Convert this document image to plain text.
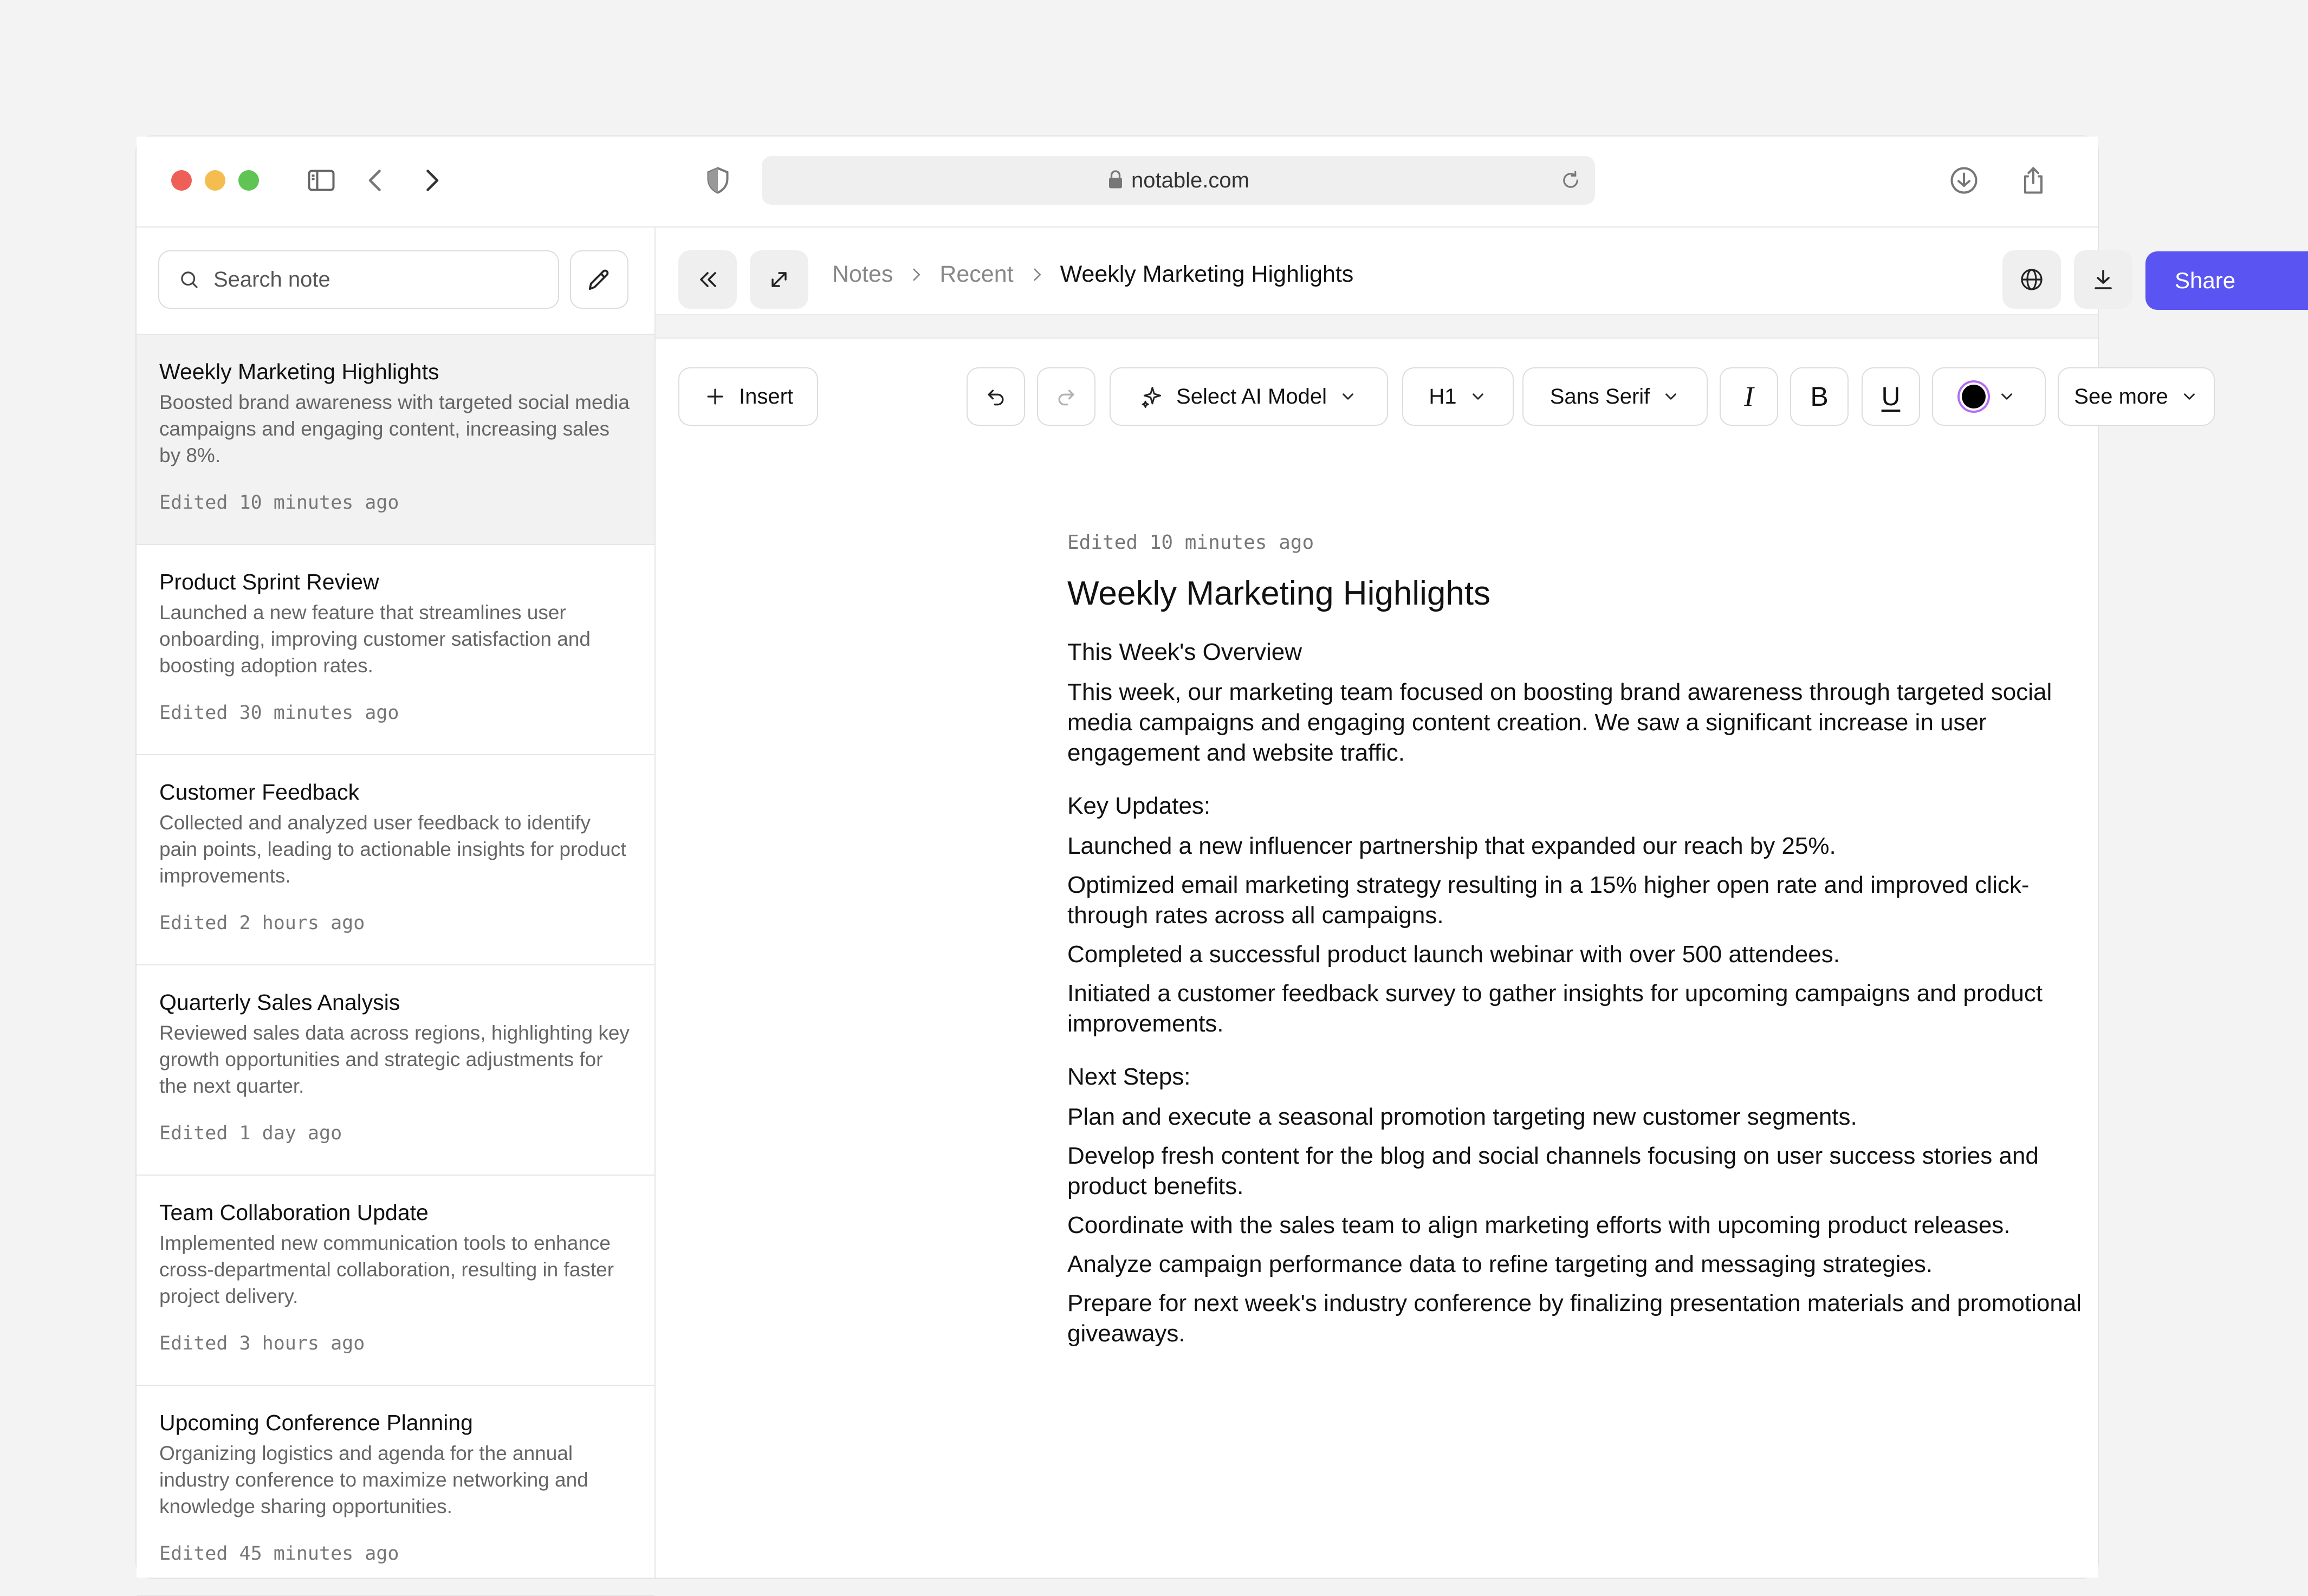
notable.com
Search note
Weekly Marketing Highlights
Boosted brand awareness with targeted social media campaigns and engaging content, increasing sales by 8%.
Edited 10 minutes ago
Product Sprint Review
Launched a new feature that streamlines user onboarding, improving customer satisfaction and boosting adoption rates.
Edited 30 minutes ago
Customer Feedback
Collected and analyzed user feedback to identify pain points, leading to actionable insights for product improvements.
Edited 2 hours ago
Quarterly Sales Analysis
Reviewed sales data across regions, highlighting key growth opportunities and strategic adjustments for the next quarter.
Edited 1 day ago
Team Collaboration Update
Implemented new communication tools to enhance cross-departmental collaboration, resulting in faster project delivery.
Edited 3 hours ago
Upcoming Conference Planning
Organizing logistics and agenda for the annual industry conference to maximize networking and knowledge sharing opportunities.
Edited 45 minutes ago
Notes Recent Weekly Marketing Highlights	Share
Insert	Select AI Model	H1	Sans Serif	I	B	U	See more
Edited 10 minutes ago
Weekly Marketing Highlights
This Week's Overview
This week, our marketing team focused on boosting brand awareness through targeted social media campaigns and engaging content creation. We saw a significant increase in user engagement and website traffic.
Key Updates:
Launched a new influencer partnership that expanded our reach by 25%.
Optimized email marketing strategy resulting in a 15% higher open rate and improved click-through rates across all campaigns.
Completed a successful product launch webinar with over 500 attendees.
Initiated a customer feedback survey to gather insights for upcoming campaigns and product improvements.
Next Steps:
Plan and execute a seasonal promotion targeting new customer segments.
Develop fresh content for the blog and social channels focusing on user success stories and product benefits.
Coordinate with the sales team to align marketing efforts with upcoming product releases.
Analyze campaign performance data to refine targeting and messaging strategies.
Prepare for next week's industry conference by finalizing presentation materials and promotional giveaways.
